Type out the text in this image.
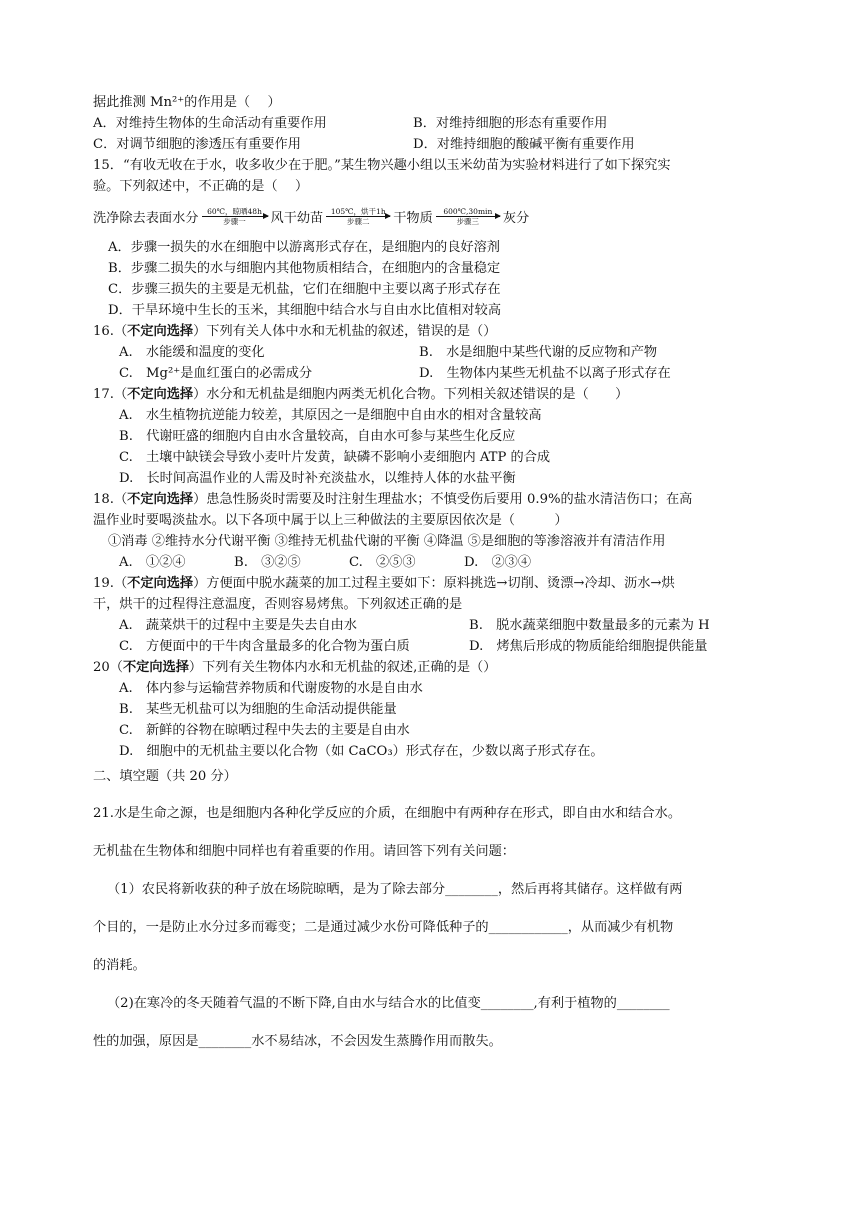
据此推测 Mn²⁺的作用是（　 ）
A．对维持生物体的生命活动有重要作用	B．对维持细胞的形态有重要作用
C．对调节细胞的渗透压有重要作用	D．对维持细胞的酸碱平衡有重要作用
15．“有收无收在于水，收多收少在于肥。”某生物兴趣小组以玉米幼苗为实验材料进行了如下探究实
验。下列叙述中，不正确的是（　 ）
洗净除去表面水分 60℃，晾晒48h
步骤一 风干幼苗 105℃，烘干1h
步骤二 干物质 600℃,30min
步骤三 灰分
A．步骤一损失的水在细胞中以游离形式存在，是细胞内的良好溶剂
B．步骤二损失的水与细胞内其他物质相结合，在细胞内的含量稳定
C．步骤三损失的主要是无机盐，它们在细胞中主要以离子形式存在
D．干旱环境中生长的玉米，其细胞中结合水与自由水比值相对较高
16.（不定向选择）下列有关人体中水和无机盐的叙述，错误的是（）
A.　水能缓和温度的变化	B.　水是细胞中某些代谢的反应物和产物
C.　Mg²⁺是血红蛋白的必需成分	D.　生物体内某些无机盐不以离子形式存在
17.（不定向选择）水分和无机盐是细胞内两类无机化合物。下列相关叙述错误的是（　　）
A.　水生植物抗逆能力较差，其原因之一是细胞中自由水的相对含量较高
B.　代谢旺盛的细胞内自由水含量较高，自由水可参与某些生化反应
C.　土壤中缺镁会导致小麦叶片发黄，缺磷不影响小麦细胞内 ATP 的合成
D.　长时间高温作业的人需及时补充淡盐水，以维持人体的水盐平衡
18.（不定向选择）患急性肠炎时需要及时注射生理盐水；不慎受伤后要用 0.9%的盐水清洁伤口；在高
温作业时要喝淡盐水。以下各项中属于以上三种做法的主要原因依次是（　　　）
①消毒 ②维持水分代谢平衡 ③维持无机盐代谢的平衡 ④降温 ⑤是细胞的等渗溶液并有清洁作用
A.　①②④	B.　③②⑤	C.　②⑤③	D.　②③④
19.（不定向选择）方便面中脱水蔬菜的加工过程主要如下：原料挑选→切削、烫漂→冷却、沥水→烘
干，烘干的过程得注意温度，否则容易烤焦。下列叙述正确的是
A.　蔬菜烘干的过程中主要是失去自由水	B.　脱水蔬菜细胞中数量最多的元素为 H
C.　方便面中的干牛肉含量最多的化合物为蛋白质	D.　烤焦后形成的物质能给细胞提供能量
20（不定向选择）下列有关生物体内水和无机盐的叙述,正确的是（）
A.　体内参与运输营养物质和代谢废物的水是自由水
B.　某些无机盐可以为细胞的生命活动提供能量
C.　新鲜的谷物在晾晒过程中失去的主要是自由水
D.　细胞中的无机盐主要以化合物（如 CaCO₃）形式存在，少数以离子形式存在。
二、填空题（共 20 分）
21.水是生命之源，也是细胞内各种化学反应的介质，在细胞中有两种存在形式，即自由水和结合水。
无机盐在生物体和细胞中同样也有着重要的作用。请回答下列有关问题：
（1）农民将新收获的种子放在场院晾晒，是为了除去部分________，然后再将其储存。这样做有两
个目的，一是防止水分过多而霉变；二是通过减少水份可降低种子的____________，从而减少有机物
的消耗。
（2)在寒冷的冬天随着气温的不断下降,自由水与结合水的比值变________,有利于植物的________
性的加强，原因是________水不易结冰，不会因发生蒸腾作用而散失。
